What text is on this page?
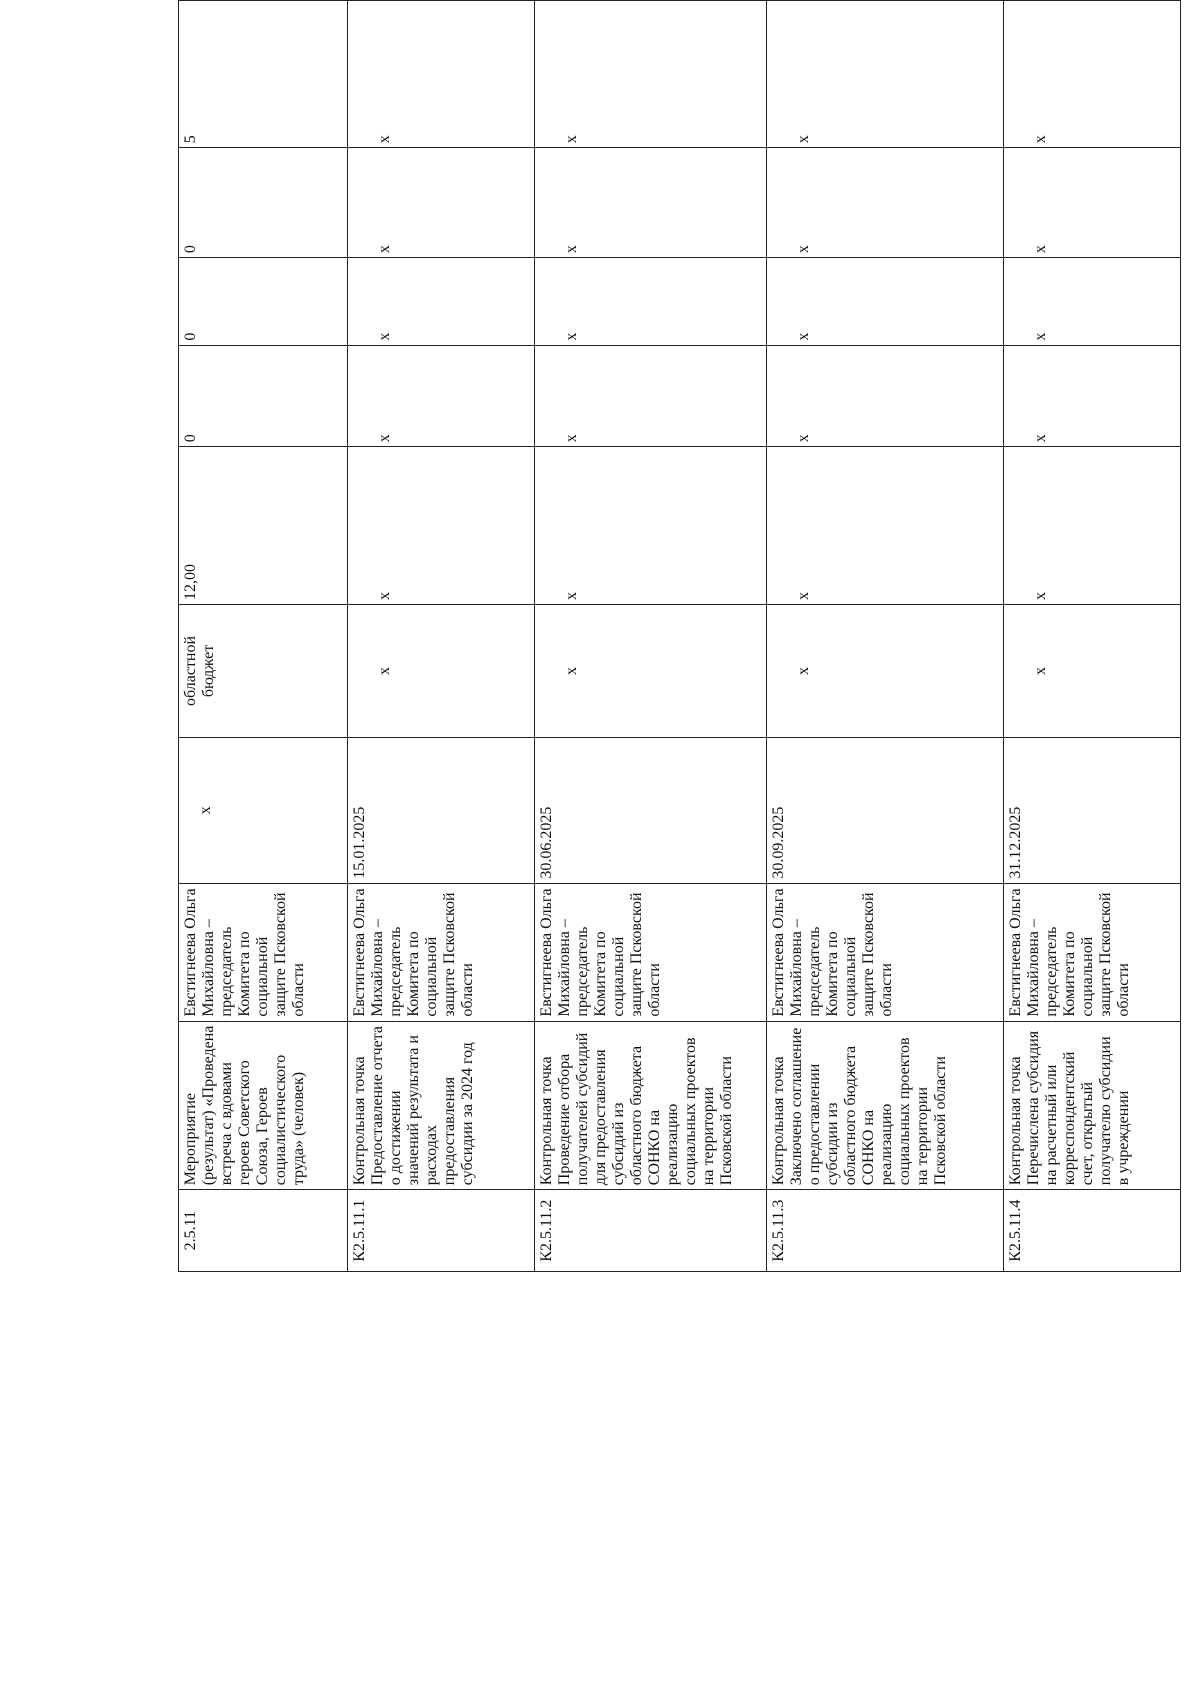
2.5.11	Мероприятие (результат) «Проведена встреча с вдовами героев Советского Союза, Героев социалистического труда» (человек)	Евстигнеева Ольга Михайловна – председатель Комитета по социальной защите Псковской области	х	областной бюджет	12,00	0	0	0	5
К2.5.11.1	Контрольная точка Предоставление отчета о достижении значений результата и расходах предоставления субсидии за 2024 год	Евстигнеева Ольга Михайловна – председатель Комитета по социальной защите Псковской области	15.01.2025	х	х	х	х	х	х
К2.5.11.2	Контрольная точка Проведение отбора получателей субсидий для предоставления субсидий из областного бюджета СОНКО на реализацию социальных проектов на территории Псковской области	Евстигнеева Ольга Михайловна – председатель Комитета по социальной защите Псковской области	30.06.2025	х	х	х	х	х	х
К2.5.11.3	Контрольная точка Заключено соглашение о предоставлении субсидии из областного бюджета СОНКО на реализацию социальных проектов на территории Псковской области	Евстигнеева Ольга Михайловна – председатель Комитета по социальной защите Псковской области	30.09.2025	х	х	х	х	х	х
К2.5.11.4	Контрольная точка Перечислена субсидия на расчетный или корреспондентский счет, открытый получателю субсидии в учреждении	Евстигнеева Ольга Михайловна – председатель Комитета по социальной защите Псковской области	31.12.2025	х	х	х	х	х	х
